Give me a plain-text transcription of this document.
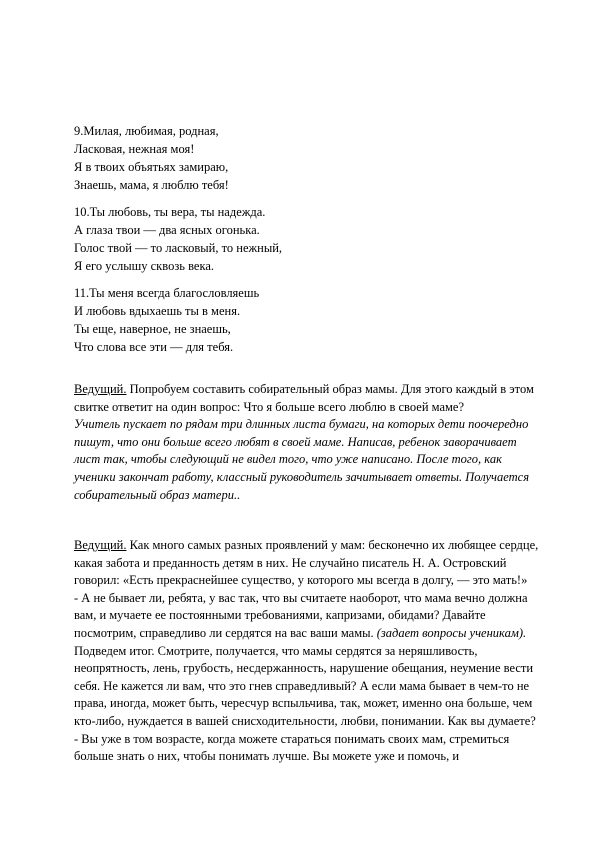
9.Милая, любимая, родная,
Ласковая, нежная моя!
Я в твоих объятьях замираю,
Знаешь, мама, я люблю тебя!
10.Ты любовь, ты вера, ты надежда.
А глаза твои — два ясных огонька.
Голос твой — то ласковый, то нежный,
Я его услышу сквозь века.
11.Ты меня всегда благословляешь
И любовь вдыхаешь ты в меня.
Ты еще, наверное, не знаешь,
Что слова все эти — для тебя.

Ведущий. Попробуем составить собирательный образ мамы. Для этого каждый в этом свитке ответит на один вопрос: Что я больше всего люблю в своей маме?

Учитель пускает по рядам три длинных листа бумаги, на которых дети поочередно пишут, что они больше всего любят в своей маме. Написав, ребенок заворачивает лист так, чтобы следующий не видел того, что уже написано. После того, как ученики закончат работу, классный руководитель зачитывает ответы. Получается собирательный образ матери..

Ведущий. Как много самых разных проявлений у мам: бесконечно их любящее сердце, какая забота и преданность детям в них. Не случайно писатель Н. А. Островский говорил: «Есть прекраснейшее существо, у которого мы всегда в долгу, — это мать!»

- А не бывает ли, ребята, у вас так, что вы считаете наоборот, что мама вечно должна вам, и мучаете ее постоянными требованиями, капризами, обидами? Давайте посмотрим, справедливо ли сердятся на вас ваши мамы. (задает вопросы ученикам). Подведем итог. Смотрите, получается, что мамы сердятся за неряшливость, неопрятность, лень, грубость, несдержанность, нарушение обещания, неумение вести себя. Не кажется ли вам, что это гнев справедливый? А если мама бывает в чем-то не права, иногда, может быть, чересчур вспыльчива, так, может, именно она больше, чем кто-либо, нуждается в вашей снисходительности, любви, понимании. Как вы думаете?

- Вы уже в том возрасте, когда можете стараться понимать своих мам, стремиться больше знать о них, чтобы понимать лучше. Вы можете уже и помочь, и
